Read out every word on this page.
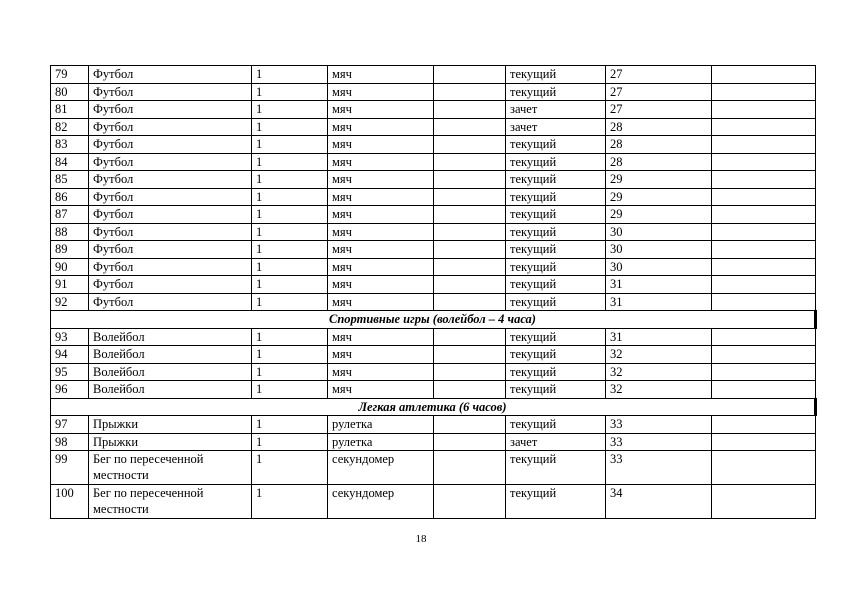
79	Футбол	1	мяч		текущий	27	
80	Футбол	1	мяч		текущий	27	
81	Футбол	1	мяч		зачет	27	
82	Футбол	1	мяч		зачет	28	
83	Футбол	1	мяч		текущий	28	
84	Футбол	1	мяч		текущий	28	
85	Футбол	1	мяч		текущий	29	
86	Футбол	1	мяч		текущий	29	
87	Футбол	1	мяч		текущий	29	
88	Футбол	1	мяч		текущий	30	
89	Футбол	1	мяч		текущий	30	
90	Футбол	1	мяч		текущий	30	
91	Футбол	1	мяч		текущий	31	
92	Футбол	1	мяч		текущий	31	
Спортивные игры (волейбол – 4 часа)							
93	Волейбол	1	мяч		текущий	31	
94	Волейбол	1	мяч		текущий	32	
95	Волейбол	1	мяч		текущий	32	
96	Волейбол	1	мяч		текущий	32	
Легкая атлетика (6 часов)							
97	Прыжки	1	рулетка		текущий	33	
98	Прыжки	1	рулетка		зачет	33	
99	Бег по пересеченной местности	1	секундомер		текущий	33	
100	Бег по пересеченной местности	1	секундомер		текущий	34	
18
